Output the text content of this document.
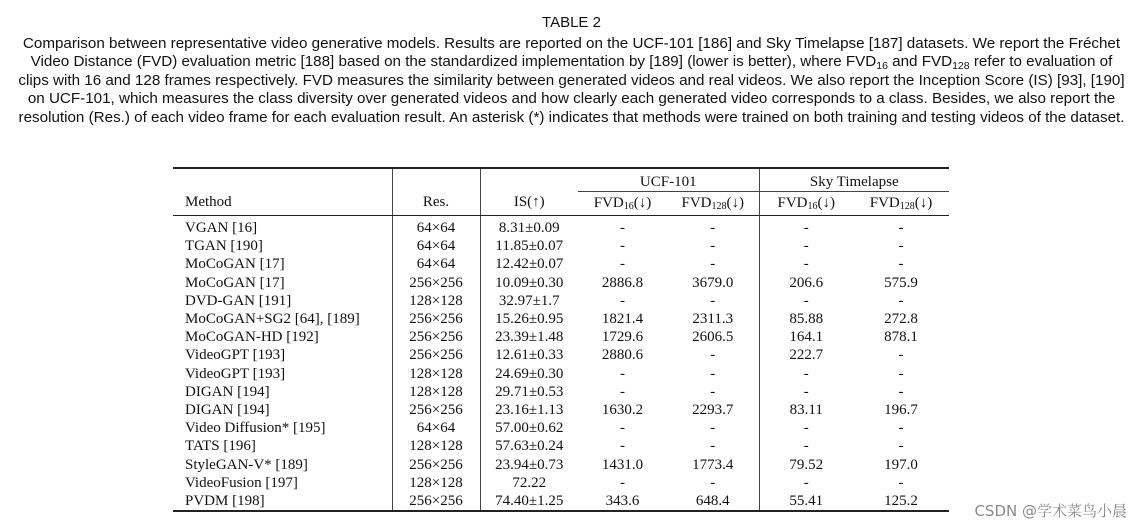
TABLE 2
Comparison between representative video generative models. Results are reported on the UCF-101 [186] and Sky Timelapse [187] datasets. We report the Fréchet Video Distance (FVD) evaluation metric [188] based on the standardized implementation by [189] (lower is better), where $FVD_{16}$ and $FVD_{128}$ refer to evaluation of clips with 16 and 128 frames respectively. FVD measures the similarity between generated videos and real videos. We also report the Inception Score (IS) [93], [190] on UCF-101, which measures the class diversity over generated videos and how clearly each generated video corresponds to a class. Besides, we also report the resolution (Res.) of each video frame for each evaluation result. An asterisk (*) indicates that methods were trained on both training and testing videos of the dataset.
Method	Res.	IS(↑)	UCF-101		Sky Timelapse	
			$FVD_{16}(↓)$	$FVD_{128}(↓)$	$FVD_{16}(↓)$	$FVD_{128}(↓)$
VGAN [16]	64×64	8.31±0.09	-	-	-	-
TGAN [190]	64×64	11.85±0.07	-	-	-	-
MoCoGAN [17]	64×64	12.42±0.07	-	-	-	-
MoCoGAN [17]	256×256	10.09±0.30	2886.8	3679.0	206.6	575.9
DVD-GAN [191]	128×128	32.97±1.7	-	-	-	-
MoCoGAN+SG2 [64], [189]	256×256	15.26±0.95	1821.4	2311.3	85.88	272.8
MoCoGAN-HD [192]	256×256	23.39±1.48	1729.6	2606.5	164.1	878.1
VideoGPT [193]	256×256	12.61±0.33	2880.6	-	222.7	-
VideoGPT [193]	128×128	24.69±0.30	-	-	-	-
DIGAN [194]	128×128	29.71±0.53	-	-	-	-
DIGAN [194]	256×256	23.16±1.13	1630.2	2293.7	83.11	196.7
Video Diffusion* [195]	64×64	57.00±0.62	-	-	-	-
TATS [196]	128×128	57.63±0.24	-	-	-	-
StyleGAN-V* [189]	256×256	23.94±0.73	1431.0	1773.4	79.52	197.0
VideoFusion [197]	128×128	72.22	-	-	-	-
PVDM [198]	256×256	74.40±1.25	343.6	648.4	55.41	125.2
CSDN @学术菜鸟小晨
